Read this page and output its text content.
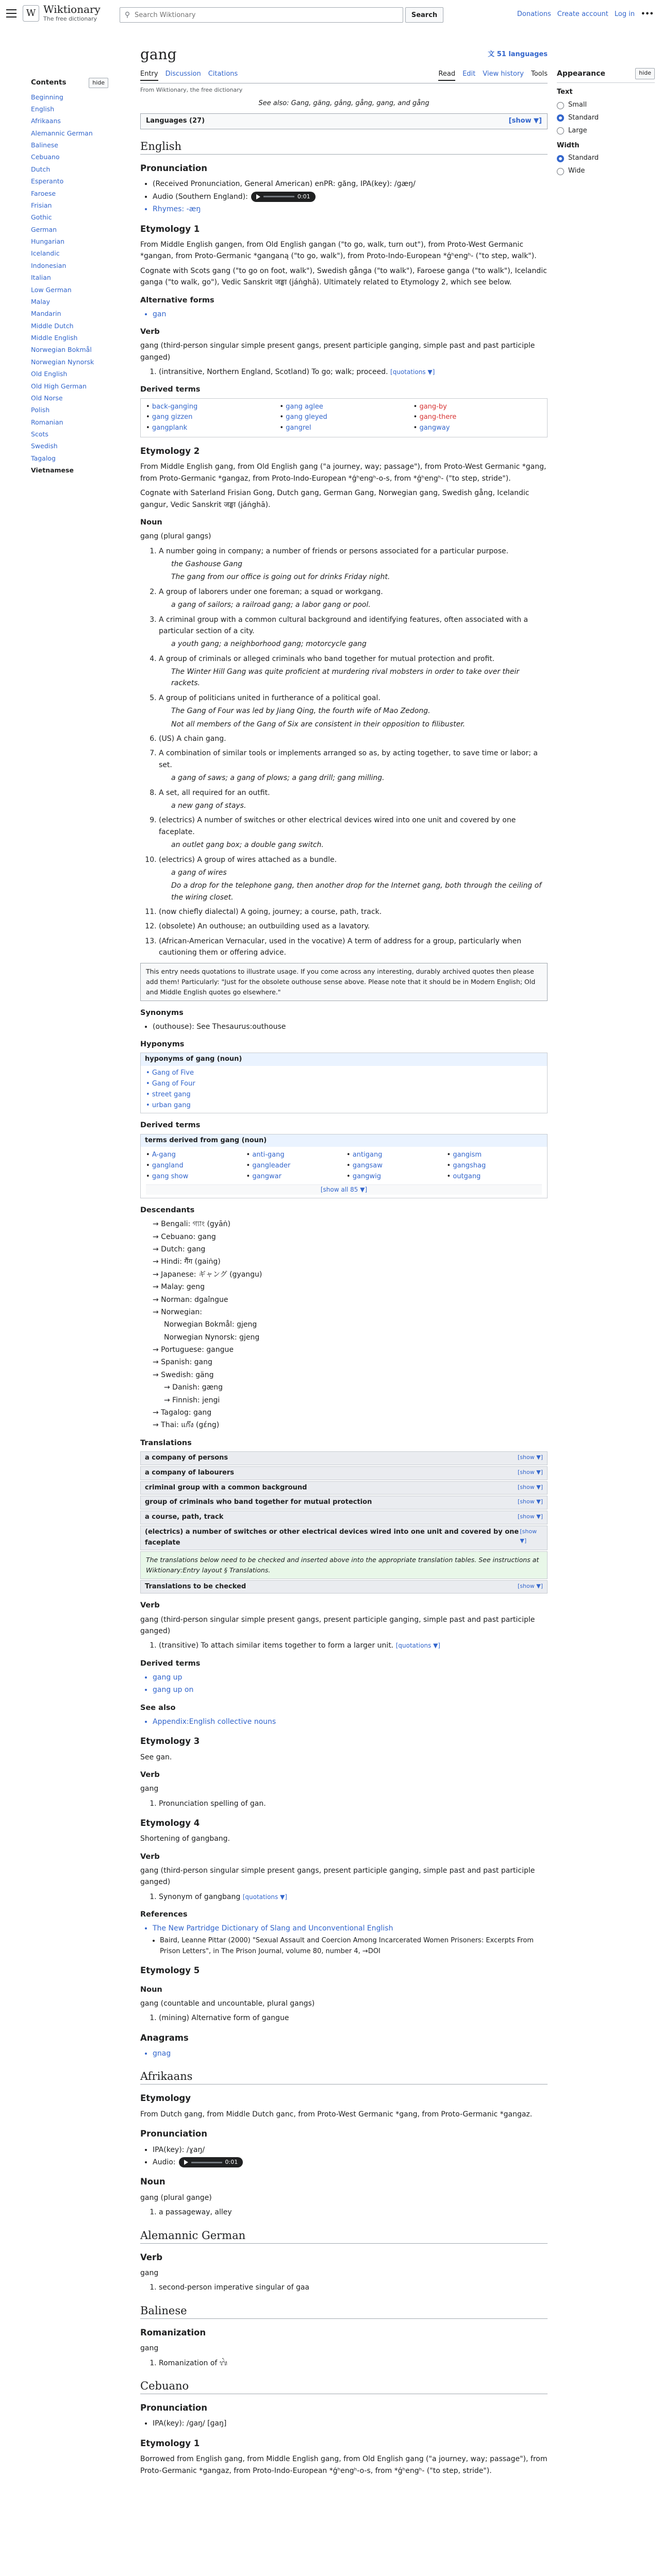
W Wiktionary
The free dictionary	⚲
Search Wiktionary	Search	Donations Create account Log in •••
Contents	hide
Beginning
English
Afrikaans
Alemannic German
Balinese
Cebuano
Dutch
Esperanto
Faroese
Frisian
Gothic
German
Hungarian
Icelandic
Indonesian
Italian
Low German
Malay
Mandarin
Middle Dutch
Middle English
Norwegian Bokmål
Norwegian Nynorsk
Old English
Old High German
Old Norse
Polish
Romanian
Scots
Swedish
Tagalog
Vietnamese
Appearance	hide
Text
Small
Standard
Large
Width
Standard
Wide
gang	文 51 languages
Entry Discussion Citations	Read Edit View history Tools
From Wiktionary, the free dictionary
See also: Gang, gäng, gâng, gång, gang, and gång
Languages (27)	[show ▼]
English
Pronunciation
• (Received Pronunciation, General American) enPR: găng, IPA(key): /ɡæŋ/
• Audio (Southern England):	0:01
• Rhymes: -æŋ
Etymology 1

From Middle English gangen, from Old English gangan ("to go, walk, turn out"), from Proto-West Germanic *gangan, from Proto-Germanic *ganganą ("to go, walk"), from Proto-Indo-European *ǵʰengʰ- ("to step, walk").

Cognate with Scots gang ("to go on foot, walk"), Swedish gånga ("to walk"), Faroese ganga ("to walk"), Icelandic ganga ("to walk, go"), Vedic Sanskrit जङ्घा (jáṅghā). Ultimately related to Etymology 2, which see below.

Alternative forms
• gan
Verb

gang (third-person singular simple present gangs, present participle ganging, simple past and past participle ganged)

1. (intransitive, Northern England, Scotland) To go; walk; proceed. [quotations ▼]
Derived terms
• back-ganging	• gang aglee	• gang-by
• gang gizzen	• gang gleyed	• gang-there
• gangplank	• gangrel	• gangway
Etymology 2

From Middle English gang, from Old English gang ("a journey, way; passage"), from Proto-West Germanic *gang, from Proto-Germanic *gangaz, from Proto-Indo-European *ǵʰengʰ-o-s, from *ǵʰengʰ- ("to step, stride").

Cognate with Saterland Frisian Gong, Dutch gang, German Gang, Norwegian gang, Swedish gång, Icelandic gangur, Vedic Sanskrit जङ्घा (jáṅghā).

Noun

gang (plural gangs)

1. A number going in company; a number of friends or persons associated for a particular purpose.
the Gashouse Gang
The gang from our office is going out for drinks Friday night.
2. A group of laborers under one foreman; a squad or workgang.
a gang of sailors; a railroad gang; a labor gang or pool.
3. A criminal group with a common cultural background and identifying features, often associated with a particular section of a city.
a youth gang; a neighborhood gang; motorcycle gang
4. A group of criminals or alleged criminals who band together for mutual protection and profit.
The Winter Hill Gang was quite proficient at murdering rival mobsters in order to take over their rackets.
5. A group of politicians united in furtherance of a political goal.
The Gang of Four was led by Jiang Qing, the fourth wife of Mao Zedong.
Not all members of the Gang of Six are consistent in their opposition to filibuster.
6. (US) A chain gang.
7. A combination of similar tools or implements arranged so as, by acting together, to save time or labor; a set.
a gang of saws; a gang of plows; a gang drill; gang milling.
8. A set, all required for an outfit.
a new gang of stays.
9. (electrics) A number of switches or other electrical devices wired into one unit and covered by one faceplate.
an outlet gang box; a double gang switch.
10. (electrics) A group of wires attached as a bundle.
a gang of wires
Do a drop for the telephone gang, then another drop for the Internet gang, both through the ceiling of the wiring closet.
11. (now chiefly dialectal) A going, journey; a course, path, track.
12. (obsolete) An outhouse; an outbuilding used as a lavatory.
13. (African-American Vernacular, used in the vocative) A term of address for a group, particularly when cautioning them or offering advice.
This entry needs quotations to illustrate usage. If you come across any interesting, durably archived quotes then please add them! Particularly: "Just for the obsolete outhouse sense above. Please note that it should be in Modern English; Old and Middle English quotes go elsewhere."
Synonyms
• (outhouse): See Thesaurus:outhouse
Hyponyms
hyponyms of gang (noun)
• Gang of Five
• Gang of Four
• street gang
• urban gang
Derived terms
terms derived from gang (noun)
• A-gang	• anti-gang	• antigang	• gangism
• gangland	• gangleader	• gangsaw	• gangshag
• gang show	• gangwar	• gangwig	• outgang
[show all 85 ▼]
Descendants
→ Bengali: গ্যাং (gyāṅ)
→ Cebuano: gang
→ Dutch: gang
→ Hindi: गैंग (gaiṅg)
→ Japanese: ギャング (gyangu)
→ Malay: geng
→ Norman: dgaîngue
→ Norwegian:
Norwegian Bokmål: gjeng
Norwegian Nynorsk: gjeng
→ Portuguese: gangue
→ Spanish: gang
→ Swedish: gäng
→ Danish: gæng
→ Finnish: jengi
→ Tagalog: gang
→ Thai: แก๊ง (gɛ́ng)
Translations
a company of persons	[show ▼]
a company of labourers	[show ▼]
criminal group with a common background	[show ▼]
group of criminals who band together for mutual protection	[show ▼]
a course, path, track	[show ▼]
(electrics) a number of switches or other electrical devices wired into one unit and covered by one faceplate
[show ▼]
The translations below need to be checked and inserted above into the appropriate translation tables. See instructions at Wiktionary:Entry layout § Translations.
Translations to be checked	[show ▼]
Verb

gang (third-person singular simple present gangs, present participle ganging, simple past and past participle ganged)

1. (transitive) To attach similar items together to form a larger unit. [quotations ▼]
Derived terms
• gang up
• gang up on
See also
• Appendix:English collective nouns
Etymology 3

See gan.

Verb

gang

1. Pronunciation spelling of gan.
Etymology 4

Shortening of gangbang.

Verb

gang (third-person singular simple present gangs, present participle ganging, simple past and past participle ganged)

1. Synonym of gangbang [quotations ▼]
References
• The New Partridge Dictionary of Slang and Unconventional English
• Baird, Leanne Pittar (2000) "Sexual Assault and Coercion Among Incarcerated Women Prisoners: Excerpts From Prison Letters", in The Prison Journal, volume 80, number 4, →DOI
Etymology 5
Noun

gang (countable and uncountable, plural gangs)

1. (mining) Alternative form of gangue
Anagrams
• gnag
Afrikaans
Etymology

From Dutch gang, from Middle Dutch ganc, from Proto-West Germanic *gang, from Proto-Germanic *gangaz.

Pronunciation
• IPA(key): /ɣaŋ/
• Audio:	0:01
Noun

gang (plural gange)

1. a passageway, alley
Alemannic German
Verb

gang

1. second-person imperative singular of gaa
Balinese
Romanization

gang

1. Romanization of ᬕᬂ
Cebuano
Pronunciation
• IPA(key): /ɡaŋ/ [ɡaŋ]
Etymology 1

Borrowed from English gang, from Middle English gang, from Old English gang ("a journey, way; passage"), from Proto-Germanic *gangaz, from Proto-Indo-European *ǵʰengʰ-o-s, from *ǵʰengʰ- ("to step, stride").
